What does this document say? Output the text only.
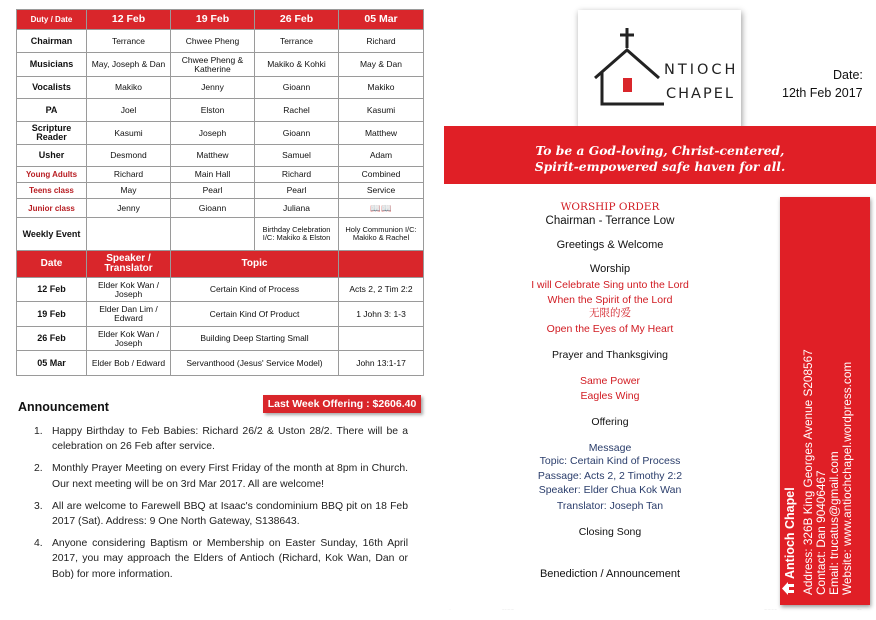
Duty / Date	12 Feb	19 Feb	26 Feb	05 Mar
Chairman	Terrance	Chwee Pheng	Terrance	Richard
Musicians	May, Joseph & Dan	Chwee Pheng & Katherine	Makiko & Kohki	May & Dan
Vocalists	Makiko	Jenny	Gioann	Makiko
PA	Joel	Elston	Rachel	Kasumi
Scripture Reader	Kasumi	Joseph	Gioann	Matthew
Usher	Desmond	Matthew	Samuel	Adam
Young Adults	Richard	Main Hall	Richard	Combined
Teens class	May	Pearl	Pearl	Service
Junior class	Jenny	Gioann	Juliana	📖📖
Weekly Event			Birthday Celebration I/C: Makiko & Elston	Holy Communion I/C: Makiko & Rachel
Date	Speaker / Translator	Topic		
12 Feb	Elder Kok Wan / Joseph	Certain Kind of Process		Acts 2, 2 Tim 2:2
19 Feb	Elder Dan Lim / Edward	Certain Kind Of Product		1 John 3: 1-3
26 Feb	Elder Kok Wan / Joseph	Building Deep Starting Small		
05 Mar	Elder Bob / Edward	Servanthood (Jesus' Service Model)		John 13:1-17
Announcement	Last Week Offering : $2606.40
1. Happy Birthday to Feb Babies: Richard 26/2 & Uston 28/2. There will be a celebration on 26 Feb after service.
2. Monthly Prayer Meeting on every First Friday of the month at 8pm in Church. Our next meeting will be on 3rd Mar 2017. All are welcome!
3. All are welcome to Farewell BBQ at Isaac's condominium BBQ pit on 18 Feb 2017 (Sat). Address: 9 One North Gateway, S138643.
4. Anyone considering Baptism or Membership on Easter Sunday, 16th April 2017, you may approach the Elders of Antioch (Richard, Kok Wan, Dan or Bob) for more information.
NTIOCH
CHAPEL
Date:
12th Feb 2017
To be a God-loving, Christ-centered,
Spirit-empowered safe haven for all.
WORSHIP ORDER
Chairman - Terrance Low
Greetings & Welcome
Worship
I will Celebrate Sing unto the Lord
When the Spirit of the Lord
无限的爱
Open the Eyes of My Heart
Prayer and Thanksgiving
Same Power
Eagles Wing
Offering
Message
Topic: Certain Kind of Process
Passage: Acts 2, 2 Timothy 2:2
Speaker: Elder Chua Kok Wan
Translator: Joseph Tan
Closing Song
Benediction / Announcement	Antioch Chapel Address: 326B King Georges Avenue S208567 Contact: Dan 90406467 Email: trucatus@gmail.com Website: www.antiochchapel.wordpress.com
